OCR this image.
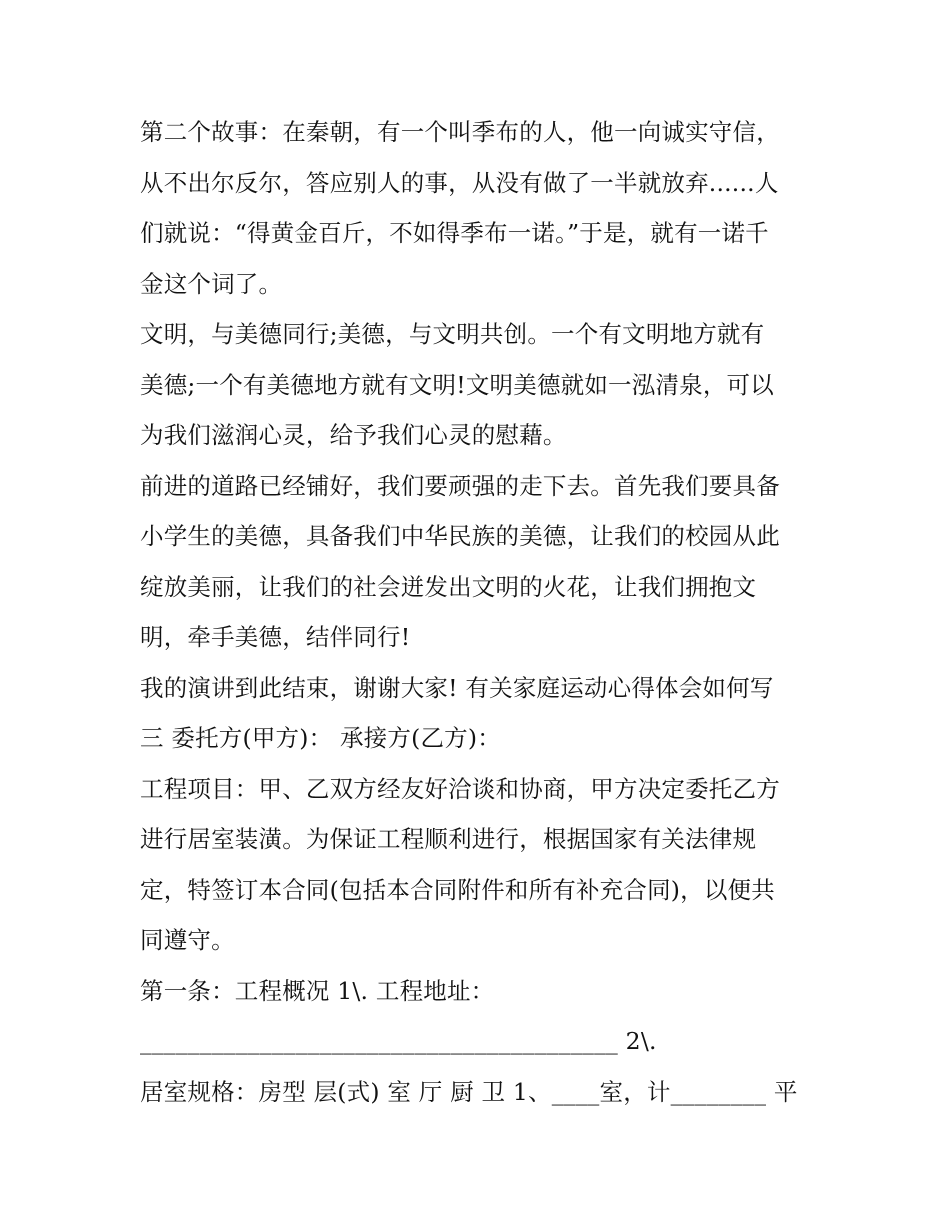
第二个故事：在秦朝，有一个叫季布的人，他一向诚实守信，
从不出尔反尔，答应别人的事，从没有做了一半就放弃......人
们就说：“得黄金百斤，不如得季布一诺。”于是，就有一诺千
金这个词了。
文明，与美德同行;美德，与文明共创。一个有文明地方就有
美德;一个有美德地方就有文明!文明美德就如一泓清泉，可以
为我们滋润心灵，给予我们心灵的慰藉。
前进的道路已经铺好，我们要顽强的走下去。首先我们要具备
小学生的美德，具备我们中华民族的美德，让我们的校园从此
绽放美丽，让我们的社会迸发出文明的火花，让我们拥抱文
明，牵手美德，结伴同行!
我的演讲到此结束，谢谢大家! 有关家庭运动心得体会如何写
三 委托方(甲方)： 承接方(乙方)：
工程项目：甲、乙双方经友好洽谈和协商，甲方决定委托乙方
进行居室装潢。为保证工程顺利进行，根据国家有关法律规
定，特签订本合同(包括本合同附件和所有补充合同)，以便共
同遵守。
第一条：工程概况 1\. 工程地址：
________________________________________ 2\.
居室规格：房型 层(式) 室 厅 厨 卫 1、____室，计________ 平
